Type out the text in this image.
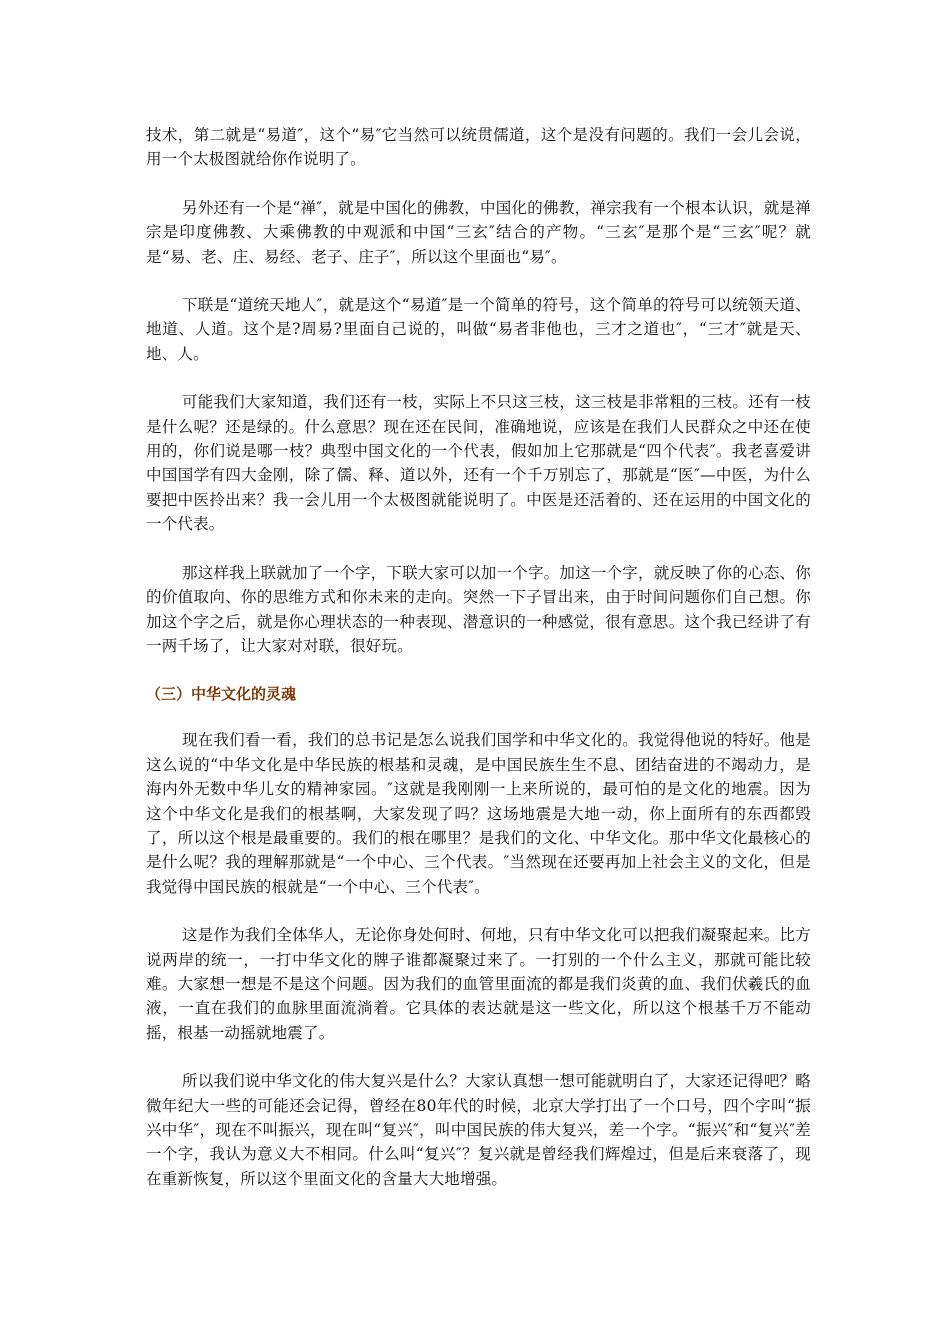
技术，第二就是“易道″，这个“易″它当然可以统贯儒道，这个是没有问题的。我们一会儿会说，用一个太极图就给你作说明了。

另外还有一个是“禅″，就是中国化的佛教，中国化的佛教，禅宗我有一个根本认识，就是禅宗是印度佛教、大乘佛教的中观派和中国“三玄″结合的产物。“三玄″是那个是“三玄″呢？就是“易、老、庄、易经、老子、庄子″，所以这个里面也“易″。

下联是“道统天地人″，就是这个“易道″是一个简单的符号，这个简单的符号可以统领天道、地道、人道。这个是?周易?里面自己说的，叫做“易者非他也，三才之道也″，“三才″就是天、地、人。

可能我们大家知道，我们还有一枝，实际上不只这三枝，这三枝是非常粗的三枝。还有一枝是什么呢？还是绿的。什么意思？现在还在民间，准确地说，应该是在我们人民群众之中还在使用的，你们说是哪一枝？典型中国文化的一个代表，假如加上它那就是“四个代表″。我老喜爱讲中国国学有四大金刚，除了儒、释、道以外，还有一个千万别忘了，那就是“医″—中医，为什么要把中医拎出来？我一会儿用一个太极图就能说明了。中医是还活着的、还在运用的中国文化的一个代表。

那这样我上联就加了一个字，下联大家可以加一个字。加这一个字，就反映了你的心态、你的价值取向、你的思维方式和你未来的走向。突然一下子冒出来，由于时间问题你们自己想。你加这个字之后，就是你心理状态的一种表现、潜意识的一种感觉，很有意思。这个我已经讲了有一两千场了，让大家对对联，很好玩。

（三）中华文化的灵魂

现在我们看一看，我们的总书记是怎么说我们国学和中华文化的。我觉得他说的特好。他是这么说的“中华文化是中华民族的根基和灵魂，是中国民族生生不息、团结奋进的不竭动力，是海内外无数中华儿女的精神家园。″这就是我刚刚一上来所说的，最可怕的是文化的地震。因为这个中华文化是我们的根基啊，大家发现了吗？这场地震是大地一动，你上面所有的东西都毁了，所以这个根是最重要的。我们的根在哪里？是我们的文化、中华文化。那中华文化最核心的是什么呢？我的理解那就是“一个中心、三个代表。″当然现在还要再加上社会主义的文化，但是我觉得中国民族的根就是“一个中心、三个代表″。

这是作为我们全体华人，无论你身处何时、何地，只有中华文化可以把我们凝聚起来。比方说两岸的统一，一打中华文化的牌子谁都凝聚过来了。一打别的一个什么主义，那就可能比较难。大家想一想是不是这个问题。因为我们的血管里面流的都是我们炎黄的血、我们伏羲氏的血液，一直在我们的血脉里面流淌着。它具体的表达就是这一些文化，所以这个根基千万不能动摇，根基一动摇就地震了。

所以我们说中华文化的伟大复兴是什么？大家认真想一想可能就明白了，大家还记得吧？略微年纪大一些的可能还会记得，曾经在80年代的时候，北京大学打出了一个口号，四个字叫“振兴中华″，现在不叫振兴，现在叫“复兴″，叫中国民族的伟大复兴，差一个字。“振兴″和“复兴″差一个字，我认为意义大不相同。什么叫“复兴″？复兴就是曾经我们辉煌过，但是后来衰落了，现在重新恢复，所以这个里面文化的含量大大地增强。
